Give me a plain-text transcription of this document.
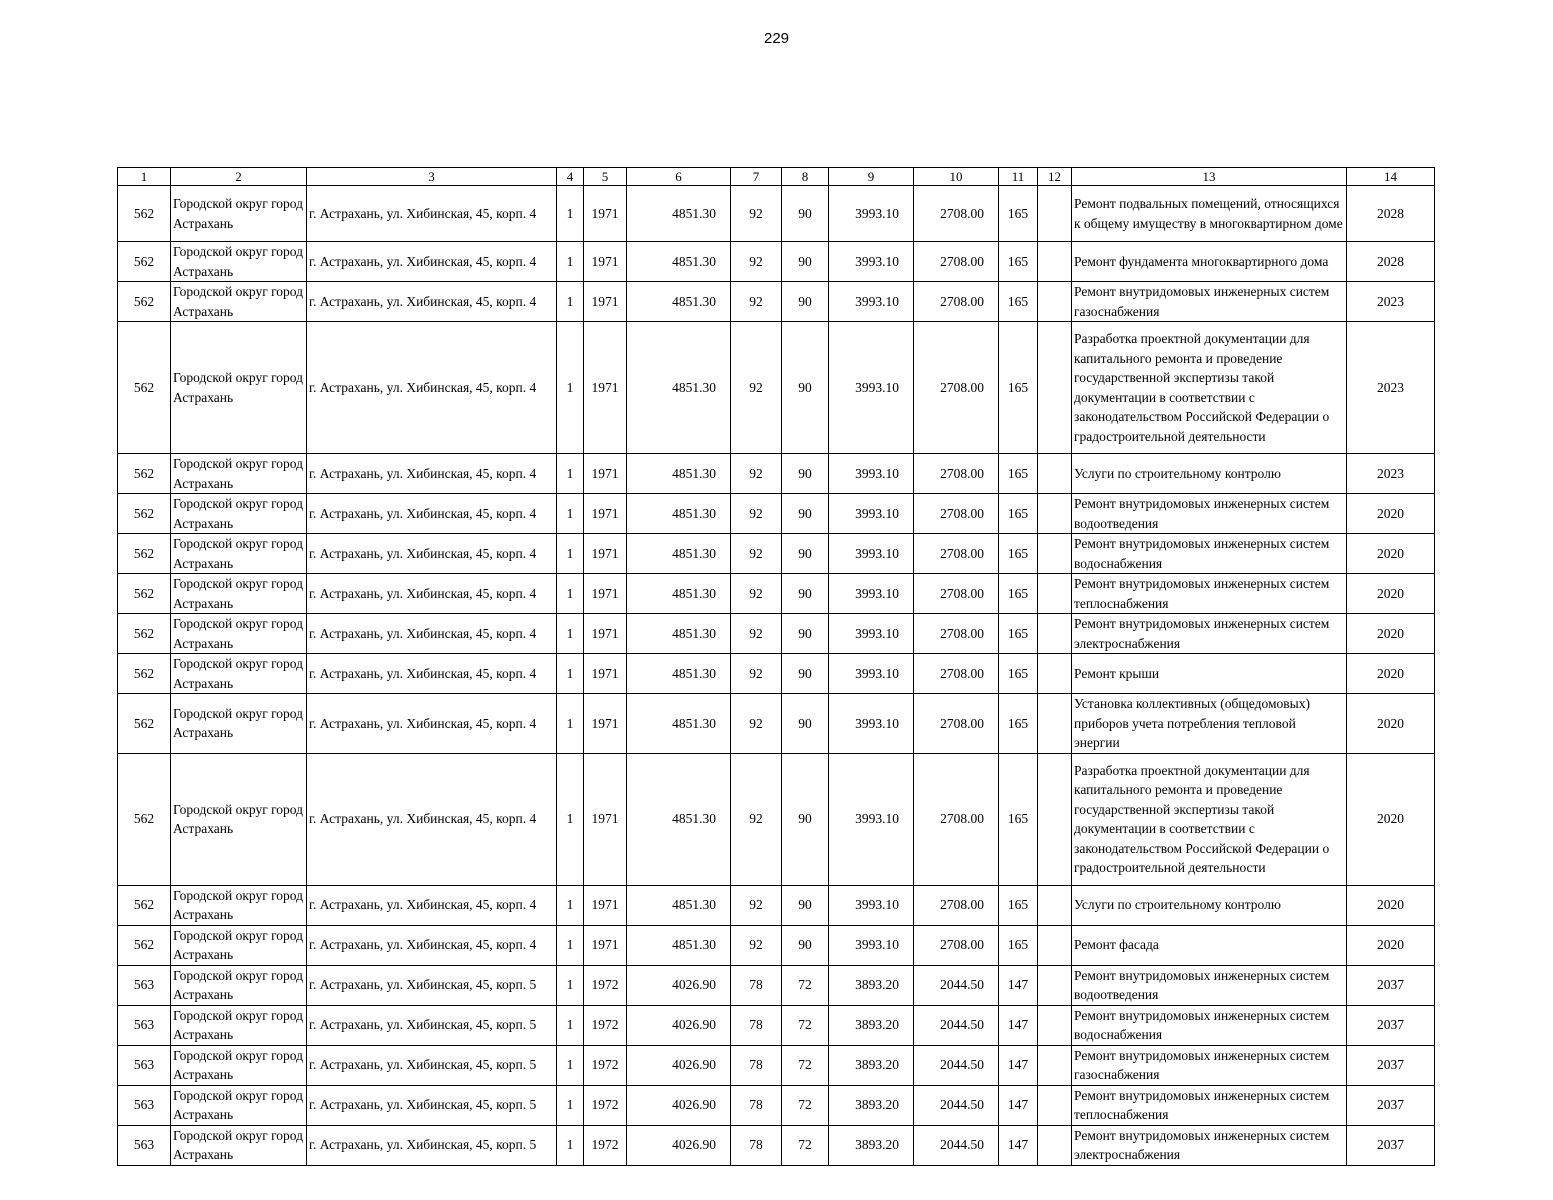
229
1	2	3	4	5	6	7	8	9	10	11	12	13	14
562	Городской округ город Астрахань	г. Астрахань, ул. Хибинская, 45, корп. 4	1	1971	4851.30	92	90	3993.10	2708.00	165		Ремонт подвальных помещений, относящихся к общему имуществу в многоквартирном доме	2028
562	Городской округ город Астрахань	г. Астрахань, ул. Хибинская, 45, корп. 4	1	1971	4851.30	92	90	3993.10	2708.00	165		Ремонт фундамента многоквартирного дома	2028
562	Городской округ город Астрахань	г. Астрахань, ул. Хибинская, 45, корп. 4	1	1971	4851.30	92	90	3993.10	2708.00	165		Ремонт внутридомовых инженерных систем газоснабжения	2023
562	Городской округ город Астрахань	г. Астрахань, ул. Хибинская, 45, корп. 4	1	1971	4851.30	92	90	3993.10	2708.00	165		Разработка проектной документации для капитального ремонта и проведение государственной экспертизы такой документации в соответствии с законодательством Российской Федерации о градостроительной деятельности	2023
562	Городской округ город Астрахань	г. Астрахань, ул. Хибинская, 45, корп. 4	1	1971	4851.30	92	90	3993.10	2708.00	165		Услуги по строительному контролю	2023
562	Городской округ город Астрахань	г. Астрахань, ул. Хибинская, 45, корп. 4	1	1971	4851.30	92	90	3993.10	2708.00	165		Ремонт внутридомовых инженерных систем водоотведения	2020
562	Городской округ город Астрахань	г. Астрахань, ул. Хибинская, 45, корп. 4	1	1971	4851.30	92	90	3993.10	2708.00	165		Ремонт внутридомовых инженерных систем водоснабжения	2020
562	Городской округ город Астрахань	г. Астрахань, ул. Хибинская, 45, корп. 4	1	1971	4851.30	92	90	3993.10	2708.00	165		Ремонт внутридомовых инженерных систем теплоснабжения	2020
562	Городской округ город Астрахань	г. Астрахань, ул. Хибинская, 45, корп. 4	1	1971	4851.30	92	90	3993.10	2708.00	165		Ремонт внутридомовых инженерных систем электроснабжения	2020
562	Городской округ город Астрахань	г. Астрахань, ул. Хибинская, 45, корп. 4	1	1971	4851.30	92	90	3993.10	2708.00	165		Ремонт крыши	2020
562	Городской округ город Астрахань	г. Астрахань, ул. Хибинская, 45, корп. 4	1	1971	4851.30	92	90	3993.10	2708.00	165		Установка коллективных (общедомовых) приборов учета потребления тепловой энергии	2020
562	Городской округ город Астрахань	г. Астрахань, ул. Хибинская, 45, корп. 4	1	1971	4851.30	92	90	3993.10	2708.00	165		Разработка проектной документации для капитального ремонта и проведение государственной экспертизы такой документации в соответствии с законодательством Российской Федерации о градостроительной деятельности	2020
562	Городской округ город Астрахань	г. Астрахань, ул. Хибинская, 45, корп. 4	1	1971	4851.30	92	90	3993.10	2708.00	165		Услуги по строительному контролю	2020
562	Городской округ город Астрахань	г. Астрахань, ул. Хибинская, 45, корп. 4	1	1971	4851.30	92	90	3993.10	2708.00	165		Ремонт фасада	2020
563	Городской округ город Астрахань	г. Астрахань, ул. Хибинская, 45, корп. 5	1	1972	4026.90	78	72	3893.20	2044.50	147		Ремонт внутридомовых инженерных систем водоотведения	2037
563	Городской округ город Астрахань	г. Астрахань, ул. Хибинская, 45, корп. 5	1	1972	4026.90	78	72	3893.20	2044.50	147		Ремонт внутридомовых инженерных систем водоснабжения	2037
563	Городской округ город Астрахань	г. Астрахань, ул. Хибинская, 45, корп. 5	1	1972	4026.90	78	72	3893.20	2044.50	147		Ремонт внутридомовых инженерных систем газоснабжения	2037
563	Городской округ город Астрахань	г. Астрахань, ул. Хибинская, 45, корп. 5	1	1972	4026.90	78	72	3893.20	2044.50	147		Ремонт внутридомовых инженерных систем теплоснабжения	2037
563	Городской округ город Астрахань	г. Астрахань, ул. Хибинская, 45, корп. 5	1	1972	4026.90	78	72	3893.20	2044.50	147		Ремонт внутридомовых инженерных систем электроснабжения	2037
